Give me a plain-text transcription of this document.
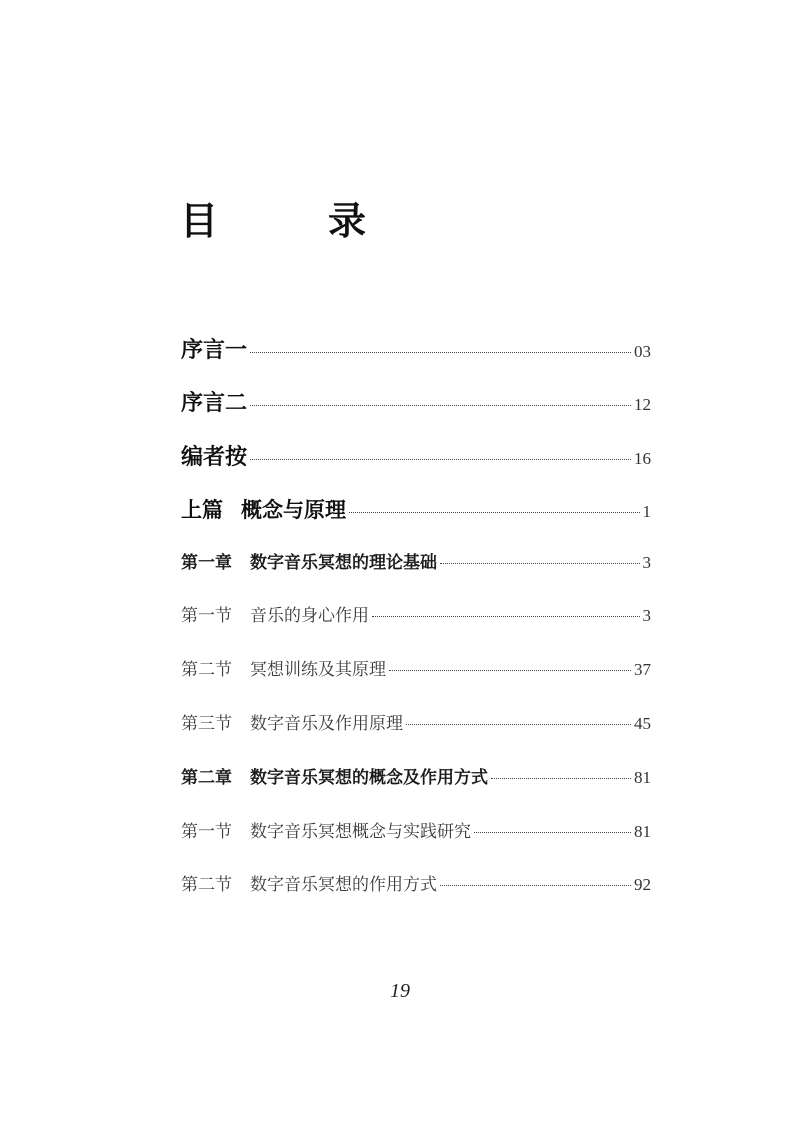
目　录
序言一	03
序言二	12
编者按	16
上篇 概念与原理	1
第一章 数字音乐冥想的理论基础	3
第一节 音乐的身心作用	3
第二节 冥想训练及其原理	37
第三节 数字音乐及作用原理	45
第二章 数字音乐冥想的概念及作用方式	81
第一节 数字音乐冥想概念与实践研究	81
第二节 数字音乐冥想的作用方式	92
19
